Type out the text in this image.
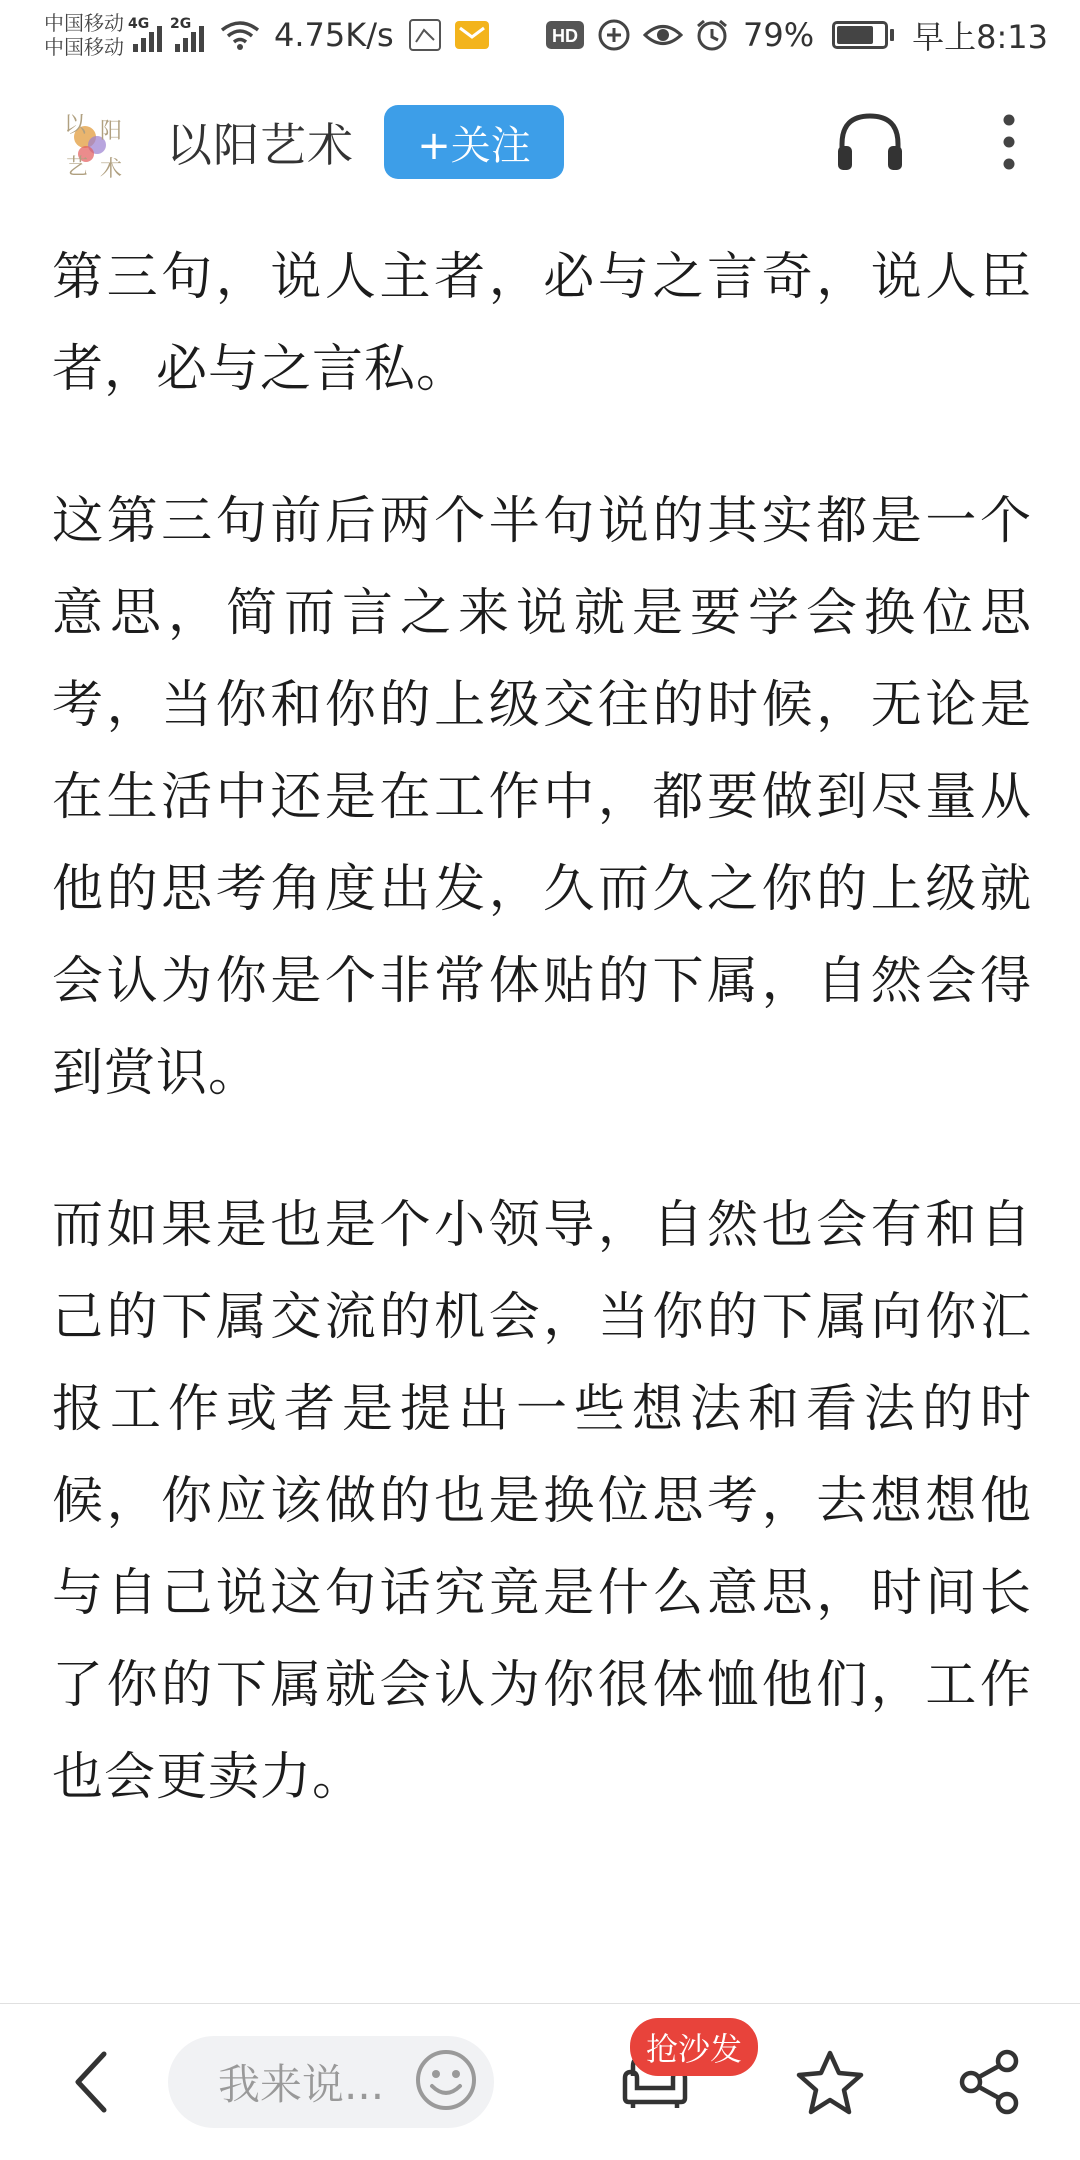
中国移动
中国移动
4G 2G	4.75K/s	HD	79%	早上8:13
以 阳
艺 术 以阳艺术	+关注

第三句，说人主者，必与之言奇，说人臣者，必与之言私。

这第三句前后两个半句说的其实都是一个意思，简而言之来说就是要学会换位思考，当你和你的上级交往的时候，无论是在生活中还是在工作中，都要做到尽量从他的思考角度出发，久而久之你的上级就会认为你是个非常体贴的下属，自然会得到赏识。

而如果是也是个小领导，自然也会有和自己的下属交流的机会，当你的下属向你汇报工作或者是提出一些想法和看法的时候，你应该做的也是换位思考，去想想他与自己说这句话究竟是什么意思，时间长了你的下属就会认为你很体恤他们，工作也会更卖力。

我来说...
抢沙发
